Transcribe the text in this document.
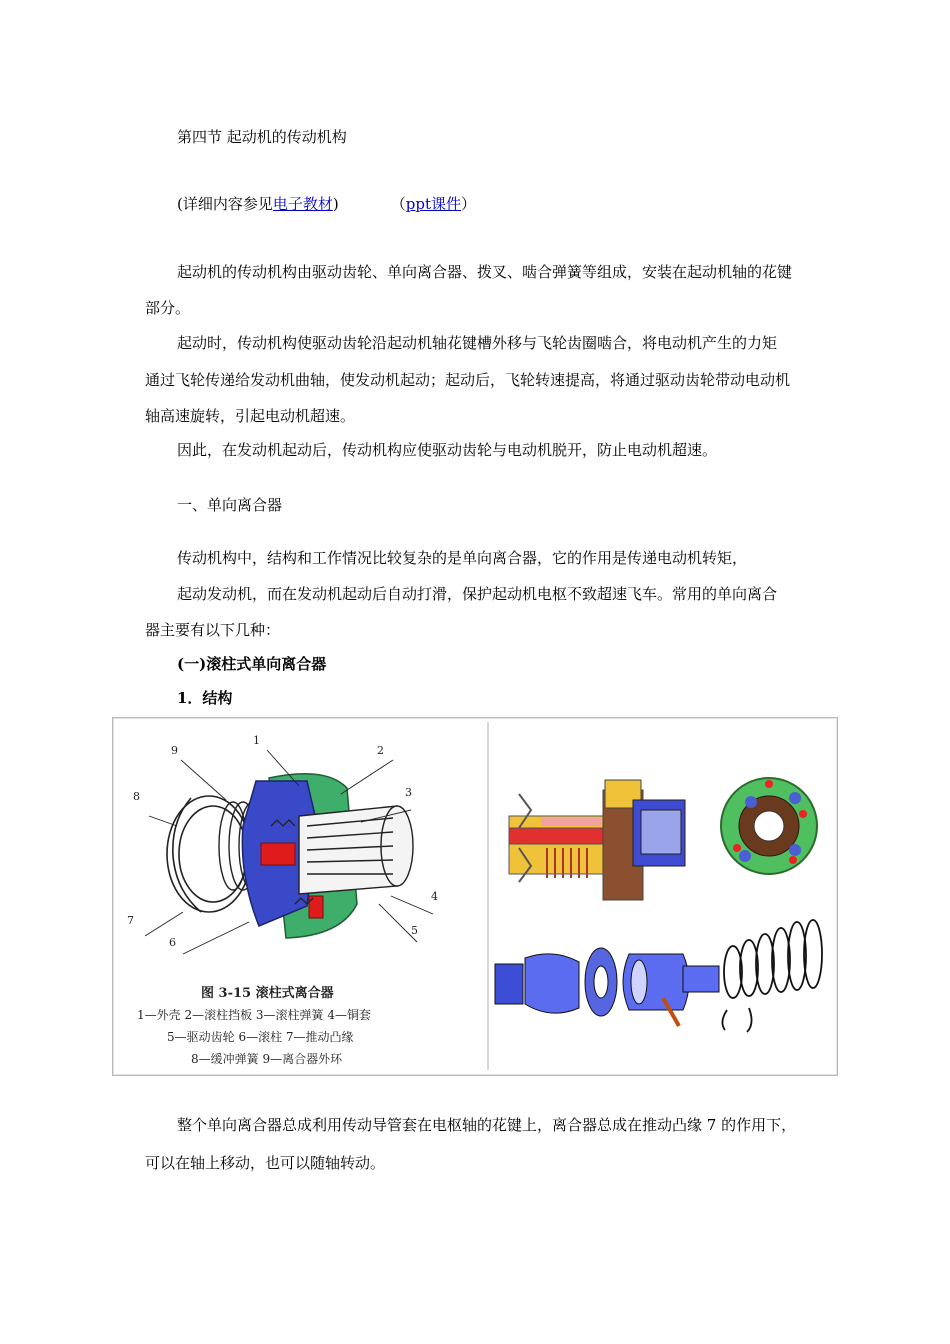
第四节 起动机的传动机构
(详细内容参见电子教材)	（ppt课件）
起动机的传动机构由驱动齿轮、单向离合器、拨叉、啮合弹簧等组成，安装在起动机轴的花键
部分。
起动时，传动机构使驱动齿轮沿起动机轴花键槽外移与飞轮齿圈啮合，将电动机产生的力矩
通过飞轮传递给发动机曲轴，使发动机起动；起动后，飞轮转速提高，将通过驱动齿轮带动电动机
轴高速旋转，引起电动机超速。
因此，在发动机起动后，传动机构应使驱动齿轮与电动机脱开，防止电动机超速。
一、单向离合器
传动机构中，结构和工作情况比较复杂的是单向离合器，它的作用是传递电动机转矩，
起动发动机，而在发动机起动后自动打滑，保护起动机电枢不致超速飞车。常用的单向离合
器主要有以下几种：
(一)滚柱式单向离合器
1．结构
1
2
3
4
5
6
7
8
9
图 3-15 滚柱式离合器
1—外壳 2—滚柱挡板 3—滚柱弹簧 4—铜套
5—驱动齿轮 6—滚柱 7—推动凸缘
8—缓冲弹簧 9—离合器外环
整个单向离合器总成利用传动导管套在电枢轴的花键上，离合器总成在推动凸缘 7 的作用下，
可以在轴上移动，也可以随轴转动。
